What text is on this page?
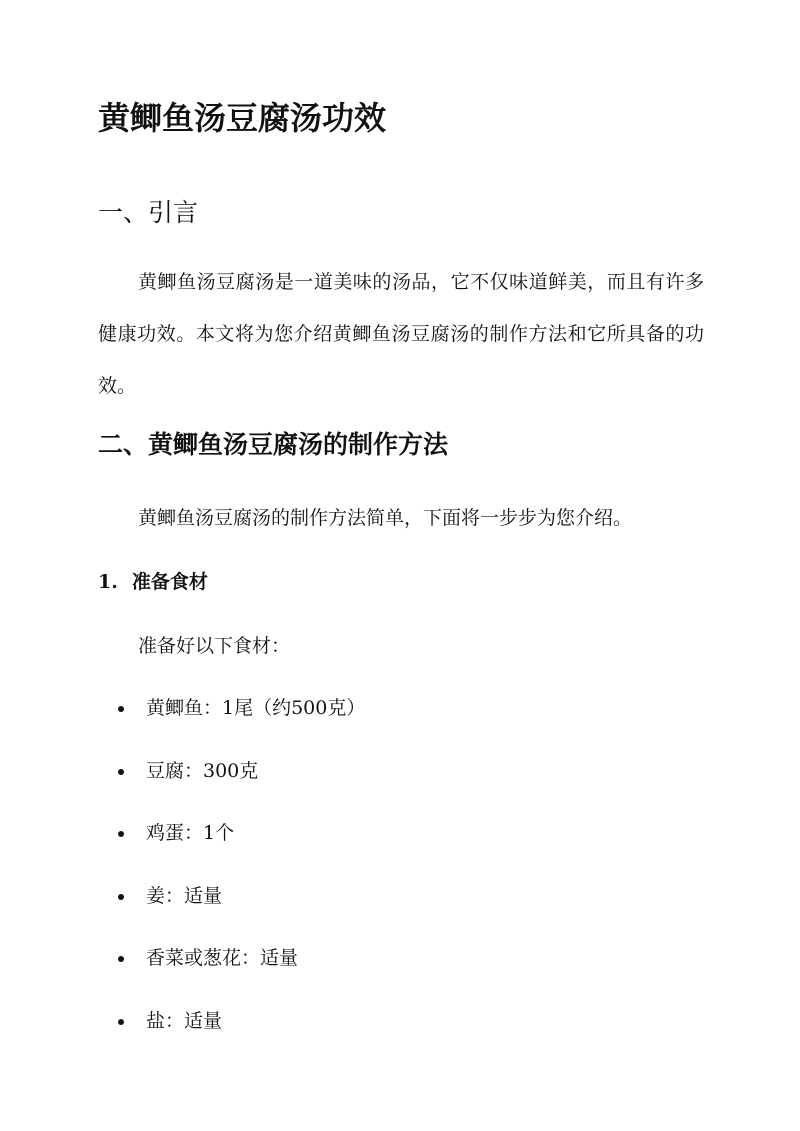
黄鲫鱼汤豆腐汤功效
一、引言

黄鲫鱼汤豆腐汤是一道美味的汤品，它不仅味道鲜美，而且有许多健康功效。本文将为您介绍黄鲫鱼汤豆腐汤的制作方法和它所具备的功效。

二、黄鲫鱼汤豆腐汤的制作方法

黄鲫鱼汤豆腐汤的制作方法简单，下面将一步步为您介绍。

1. 准备食材

准备好以下食材：

黄鲫鱼：1尾（约500克）
豆腐：300克
鸡蛋：1个
姜：适量
香菜或葱花：适量
盐：适量
